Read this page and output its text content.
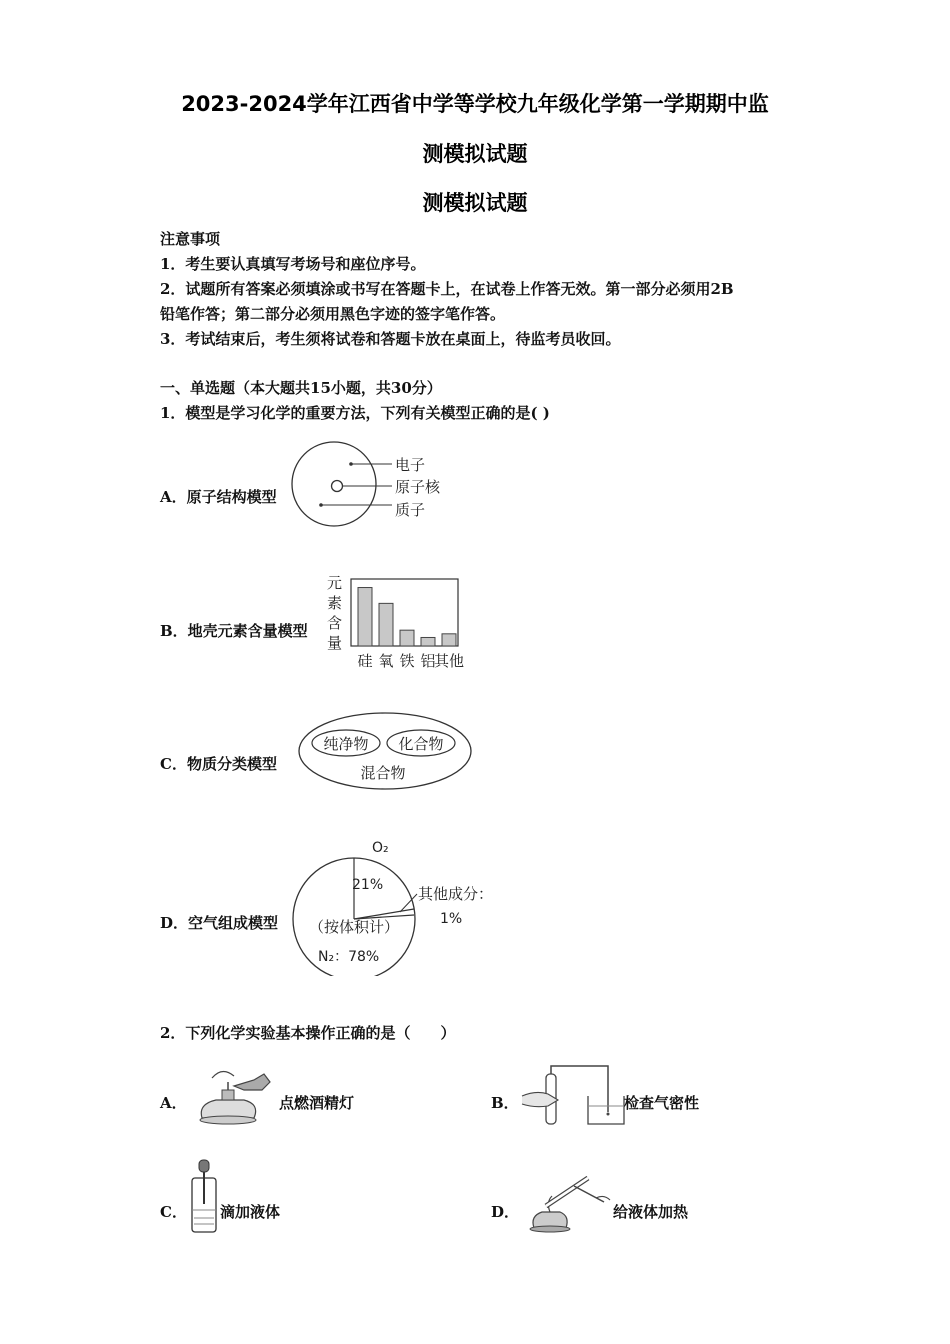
2023-2024学年江西省中学等学校九年级化学第一学期期中监
测模拟试题
测模拟试题
注意事项
1．考生要认真填写考场号和座位序号。
2．试题所有答案必须填涂或书写在答题卡上，在试卷上作答无效。第一部分必须用2B
铅笔作答；第二部分必须用黑色字迹的签字笔作答。
3．考试结束后，考生须将试卷和答题卡放在桌面上，待监考员收回。
一、单选题（本大题共15小题，共30分）
1．模型是学习化学的重要方法，下列有关模型正确的是( )
A．原子结构模型
电子
原子核
质子
B．地壳元素含量模型
元
素
含
量
硅 氧 铁 铝
其他
C．物质分类模型
纯净物 化合物
混合物
D．空气组成模型
O₂
21% 其他成分：
1%
（按体积计）
N₂：78%
2．下列化学实验基本操作正确的是（　　）
A．	点燃酒精灯	B．	检查气密性
C． 滴加液体	D．	给液体加热
